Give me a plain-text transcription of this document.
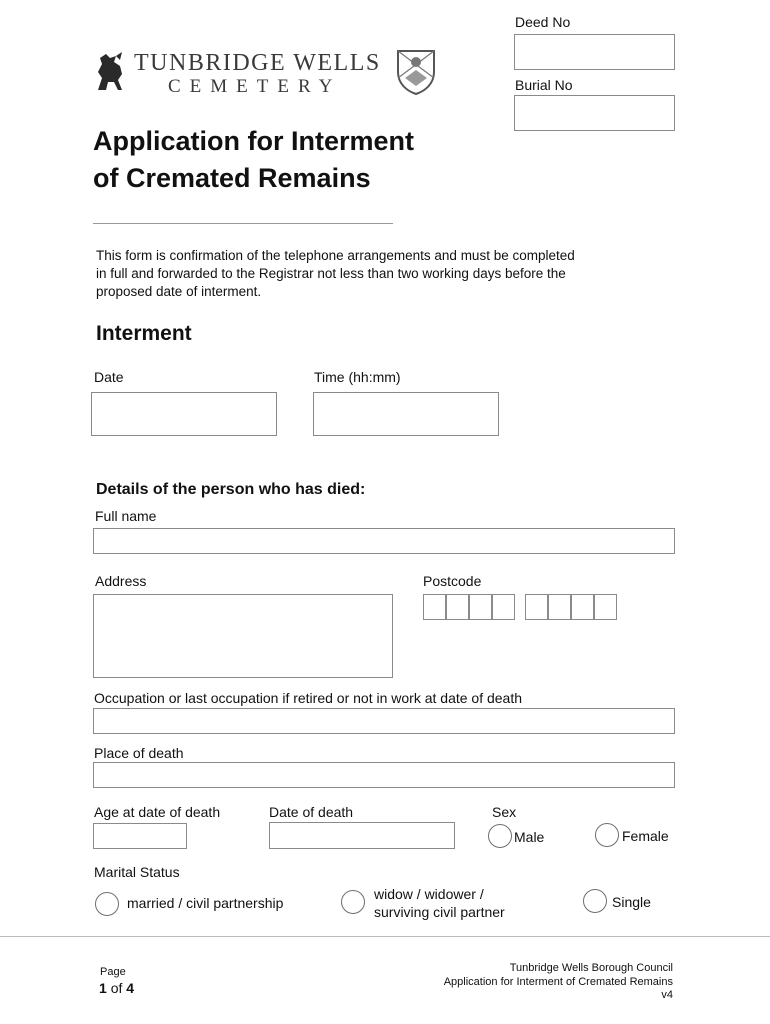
TUNBRIDGE WELLS
CEMETERY
Deed No
Burial No
Application for Interment
of Cremated Remains
This form is confirmation of the telephone arrangements and must be completed
in full and forwarded to the Registrar not less than two working days before the
proposed date of interment.
Interment
Date	Time (hh:mm)
Details of the person who has died:
Full name
Address	Postcode
Occupation or last occupation if retired or not in work at date of death
Place of death
Age at date of death	Date of death	Sex
Male	Female
Marital Status
married / civil partnership
widow / widower /
surviving civil partner
Single
Page
1 of 4
Tunbridge Wells Borough Council
Application for Interment of Cremated Remains
v4
